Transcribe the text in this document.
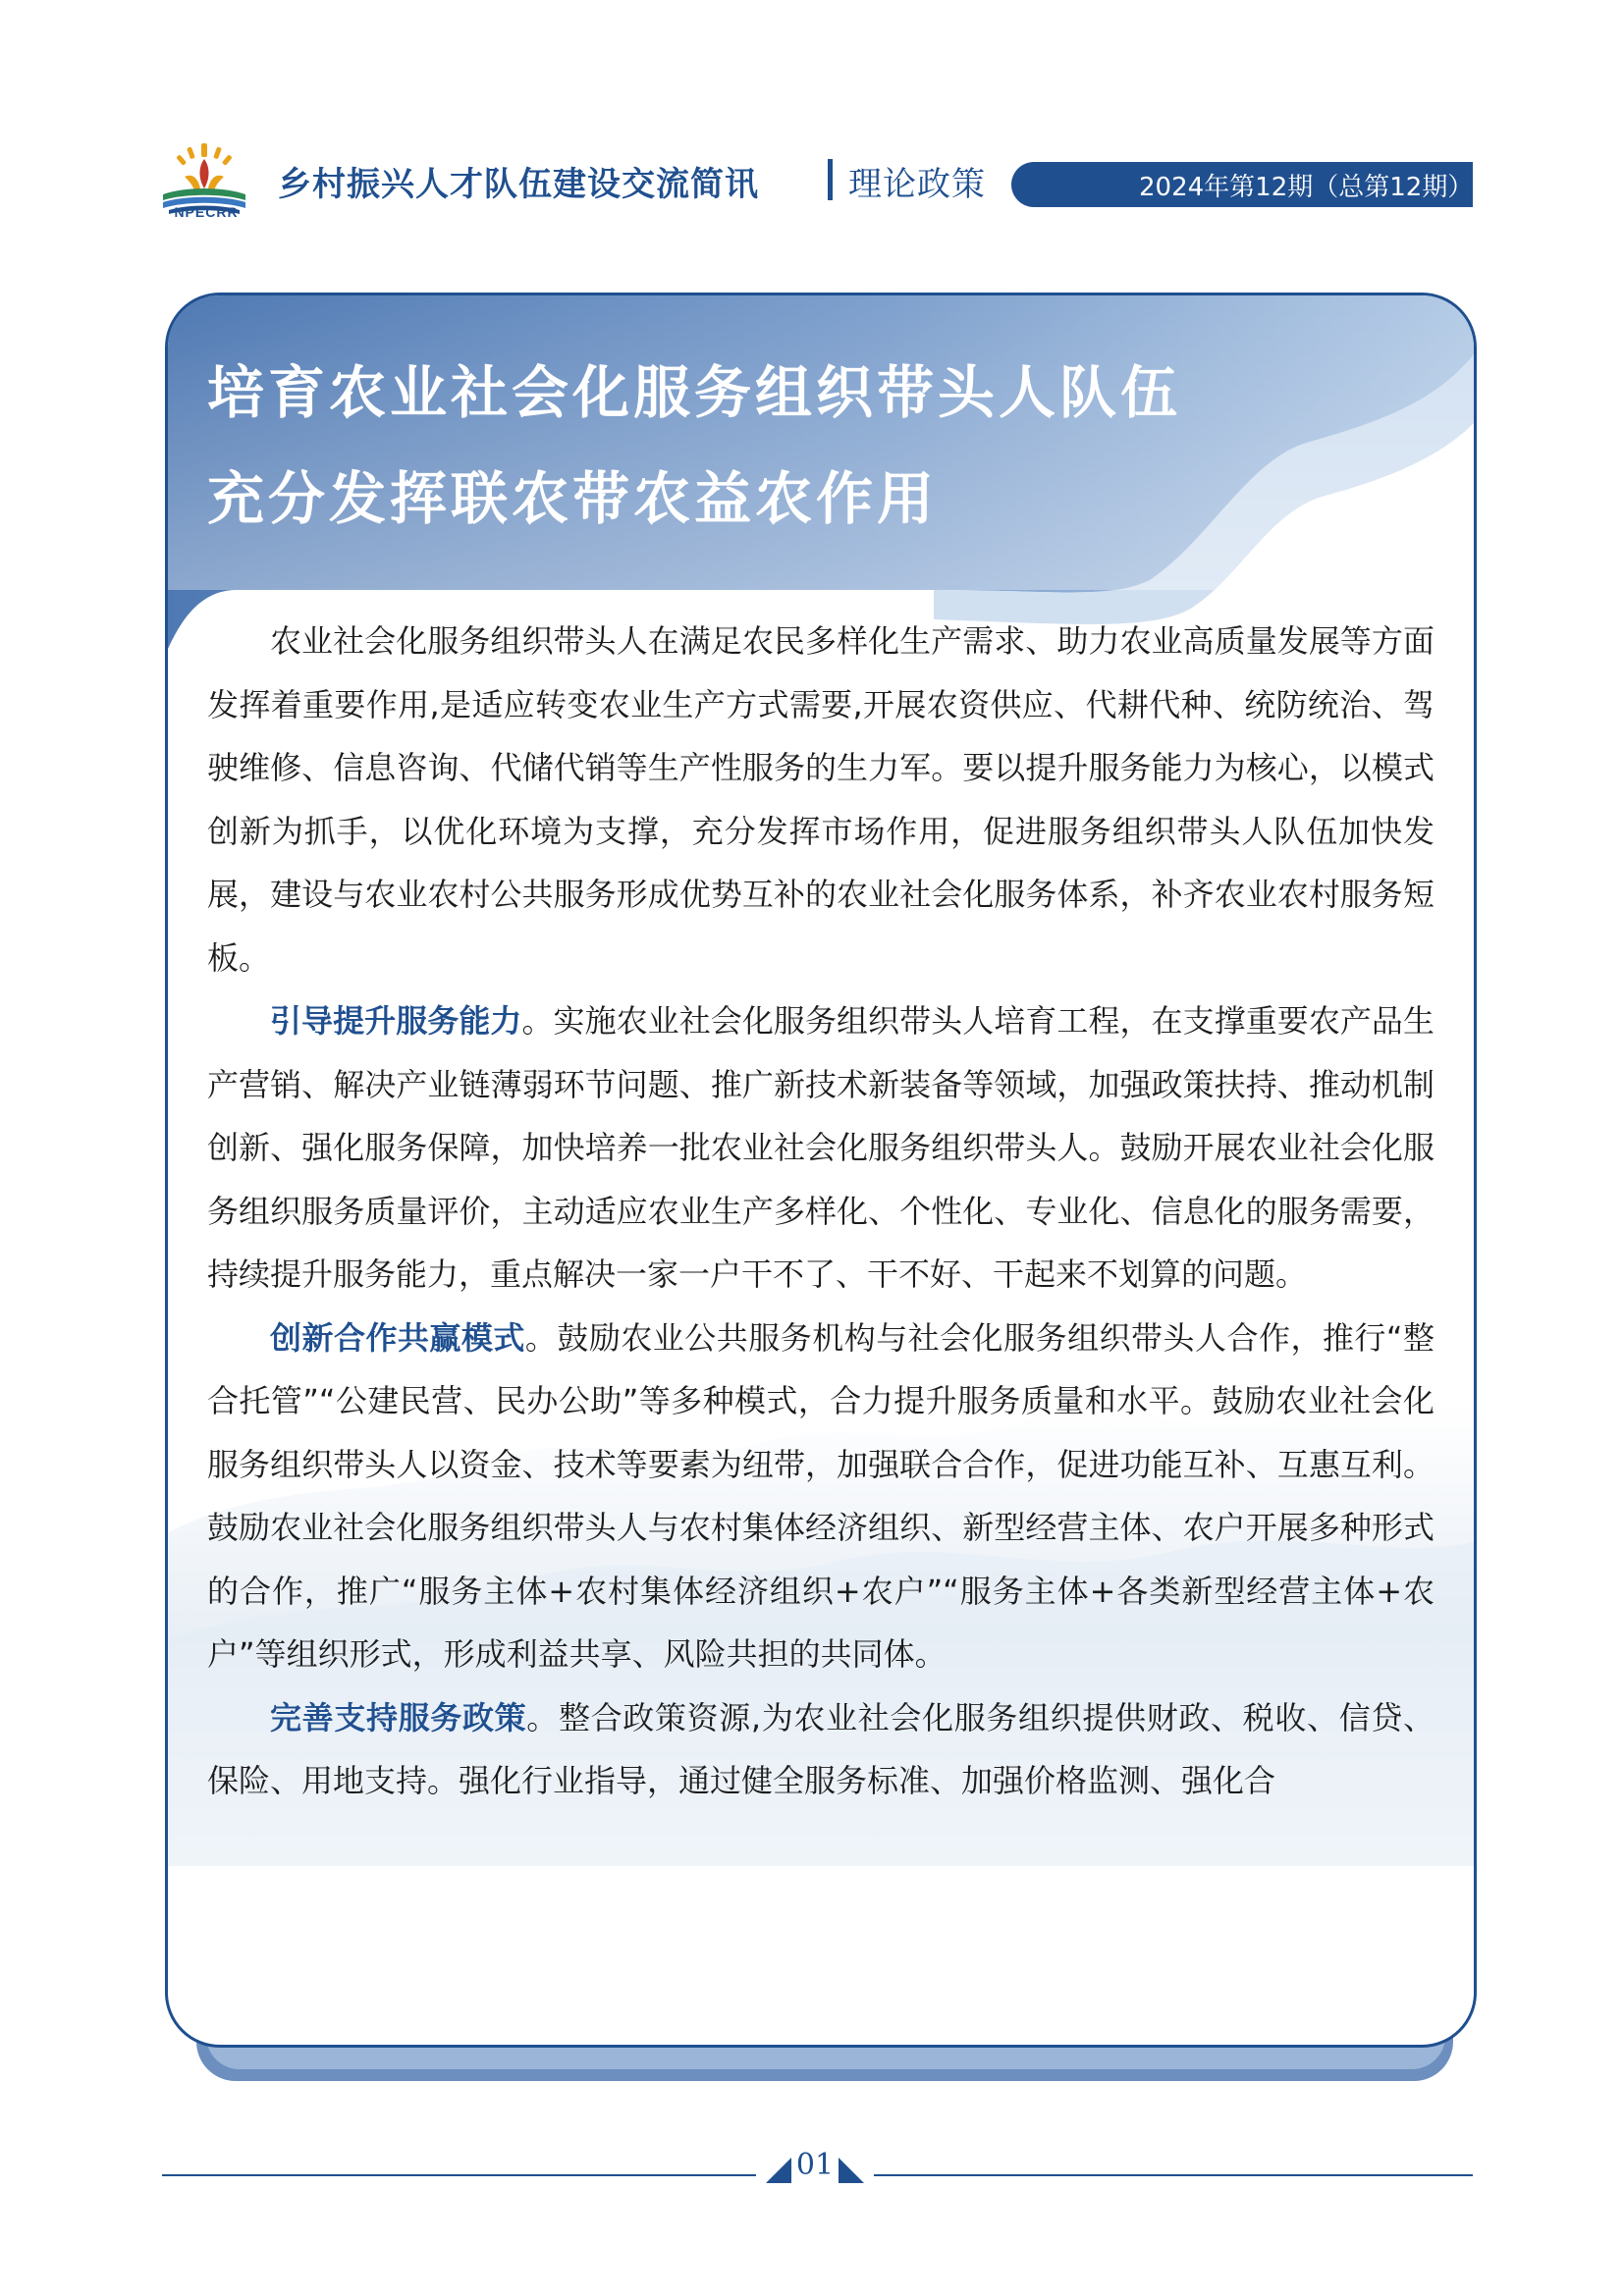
NPECRR
乡村振兴人才队伍建设交流简讯	理论政策	2024年第12期（总第12期）
培育农业社会化服务组织带头人队伍
充分发挥联农带农益农作用

农业社会化服务组织带头人在满足农民多样化生产需求、助力农业高质量发展等方面发挥着重要作用,是适应转变农业生产方式需要,开展农资供应、代耕代种、统防统治、驾驶维修、信息咨询、代储代销等生产性服务的生力军。要以提升服务能力为核心，以模式创新为抓手，以优化环境为支撑，充分发挥市场作用，促进服务组织带头人队伍加快发展，建设与农业农村公共服务形成优势互补的农业社会化服务体系，补齐农业农村服务短板。

引导提升服务能力。实施农业社会化服务组织带头人培育工程，在支撑重要农产品生产营销、解决产业链薄弱环节问题、推广新技术新装备等领域，加强政策扶持、推动机制创新、强化服务保障，加快培养一批农业社会化服务组织带头人。鼓励开展农业社会化服务组织服务质量评价，主动适应农业生产多样化、个性化、专业化、信息化的服务需要，持续提升服务能力，重点解决一家一户干不了、干不好、干起来不划算的问题。

创新合作共赢模式。鼓励农业公共服务机构与社会化服务组织带头人合作，推行“整合托管”“公建民营、民办公助”等多种模式，合力提升服务质量和水平。鼓励农业社会化服务组织带头人以资金、技术等要素为纽带，加强联合合作，促进功能互补、互惠互利。鼓励农业社会化服务组织带头人与农村集体经济组织、新型经营主体、农户开展多种形式的合作，推广“服务主体+农村集体经济组织+农户”“服务主体+各类新型经营主体+农户”等组织形式，形成利益共享、风险共担的共同体。

完善支持服务政策。整合政策资源,为农业社会化服务组织提供财政、税收、信贷、保险、用地支持。强化行业指导，通过健全服务标准、加强价格监测、强化合

01
